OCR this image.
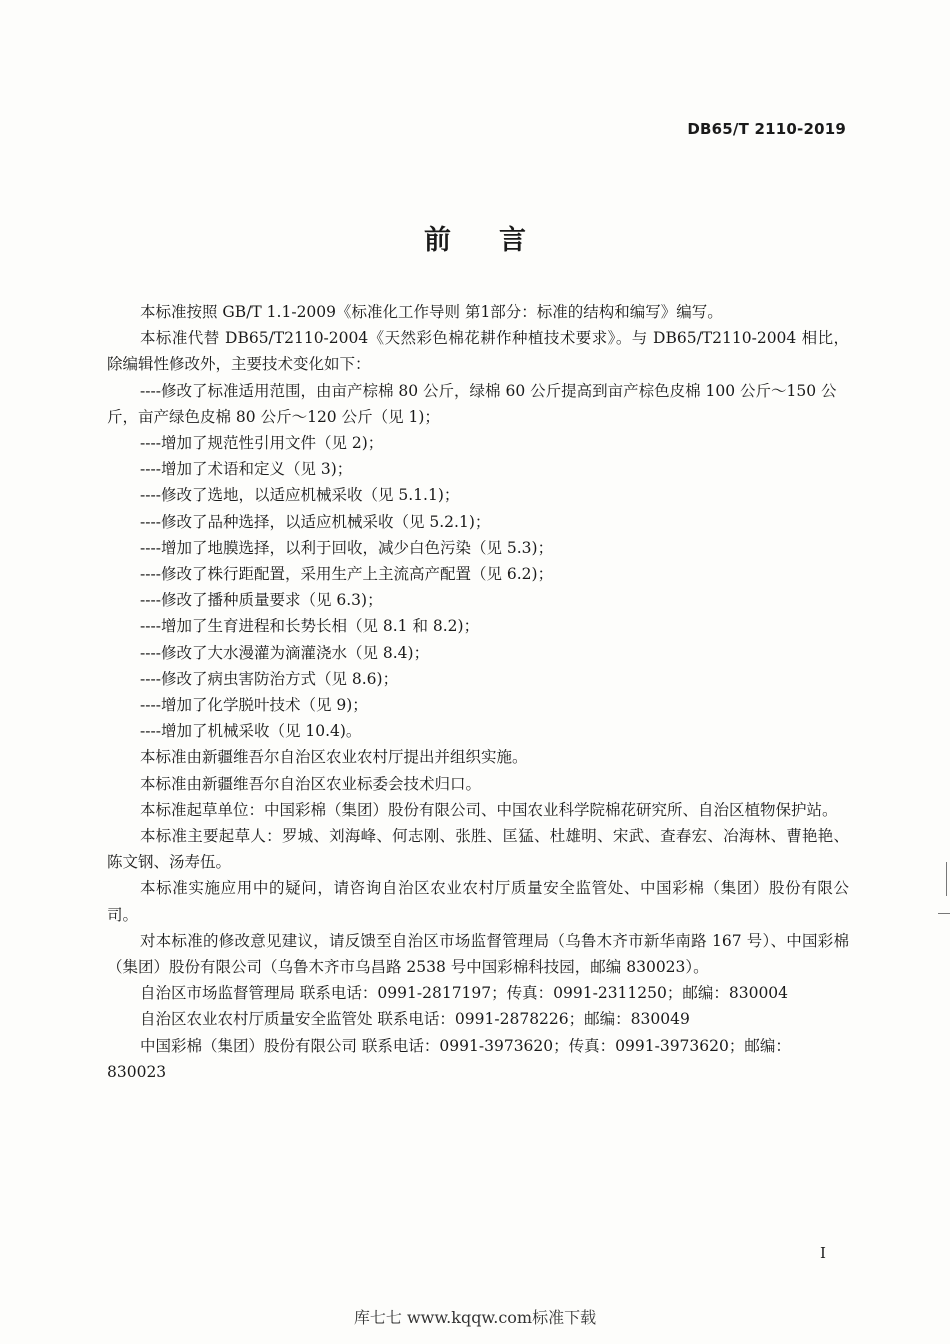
DB65/T 2110-2019
前言
本标准按照 GB/T 1.1-2009《标准化工作导则 第1部分：标准的结构和编写》编写。
本标准代替 DB65/T2110-2004《天然彩色棉花耕作种植技术要求》。与 DB65/T2110-2004 相比，除编辑性修改外，主要技术变化如下：
----修改了标准适用范围，由亩产棕棉 80 公斤，绿棉 60 公斤提高到亩产棕色皮棉 100 公斤～150 公斤，亩产绿色皮棉 80 公斤～120 公斤（见 1)；
----增加了规范性引用文件（见 2)；
----增加了术语和定义（见 3)；
----修改了选地，以适应机械采收（见 5.1.1)；
----修改了品种选择，以适应机械采收（见 5.2.1)；
----增加了地膜选择，以利于回收，减少白色污染（见 5.3)；
----修改了株行距配置，采用生产上主流高产配置（见 6.2)；
----修改了播种质量要求（见 6.3)；
----增加了生育进程和长势长相（见 8.1 和 8.2)；
----修改了大水漫灌为滴灌浇水（见 8.4)；
----修改了病虫害防治方式（见 8.6)；
----增加了化学脱叶技术（见 9)；
----增加了机械采收（见 10.4)。
本标准由新疆维吾尔自治区农业农村厅提出并组织实施。
本标准由新疆维吾尔自治区农业标委会技术归口。
本标准起草单位：中国彩棉（集团）股份有限公司、中国农业科学院棉花研究所、自治区植物保护站。
本标准主要起草人：罗城、刘海峰、何志刚、张胜、匡猛、杜雄明、宋武、查春宏、冶海林、曹艳艳、陈文钢、汤寿伍。
本标准实施应用中的疑问，请咨询自治区农业农村厅质量安全监管处、中国彩棉（集团）股份有限公司。
对本标准的修改意见建议，请反馈至自治区市场监督管理局（乌鲁木齐市新华南路 167 号）、中国彩棉（集团）股份有限公司（乌鲁木齐市乌昌路 2538 号中国彩棉科技园，邮编 830023）。
自治区市场监督管理局 联系电话：0991-2817197；传真：0991-2311250；邮编：830004
自治区农业农村厅质量安全监管处 联系电话：0991-2878226；邮编：830049
中国彩棉（集团）股份有限公司 联系电话：0991-3973620；传真：0991-3973620；邮编：830023
I
库七七 www.kqqw.com标准下载
